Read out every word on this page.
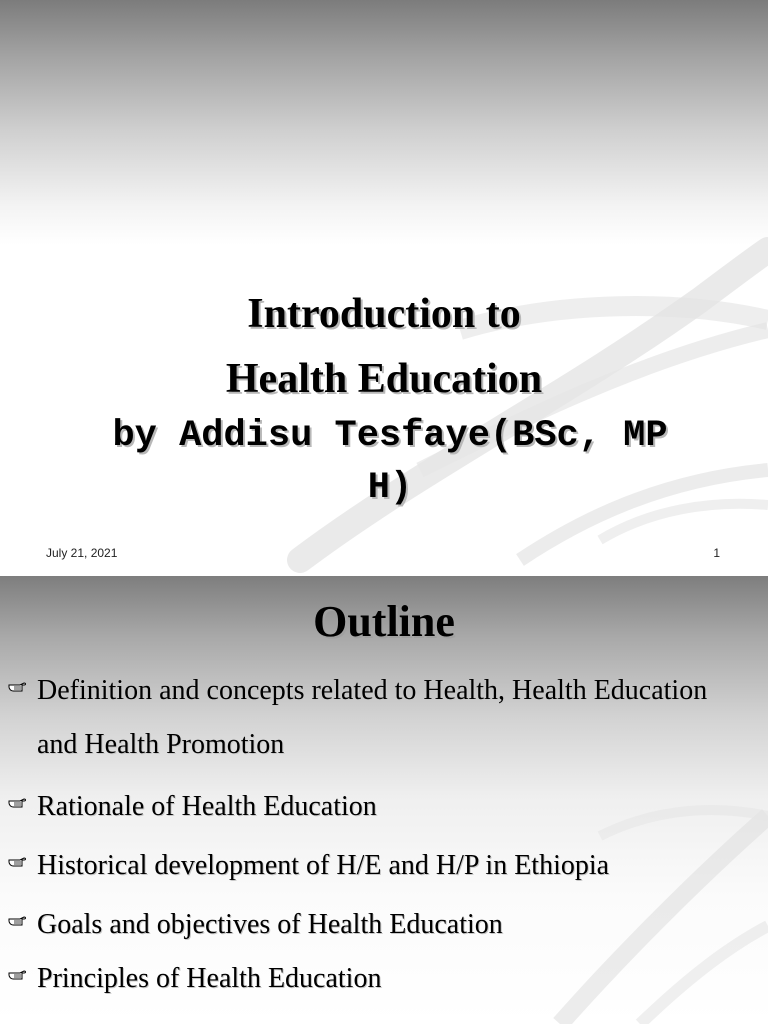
Introduction to
Health Education

by Addisu Tesfaye(BSc, MP H)

July 21, 2021	1
Outline
Definition and concepts related to Health, Health Education and Health Promotion
Rationale of Health Education
Historical development of H/E and H/P in Ethiopia
Goals and objectives of Health Education
Principles of Health Education
